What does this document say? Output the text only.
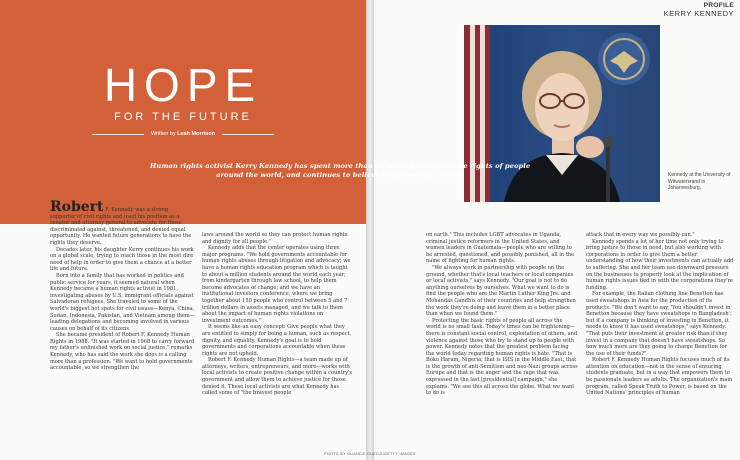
HOPE
FOR THE FUTURE
Written by Leah Morrison

Robert F. Kennedy was a strong supporter of civil rights and used his position as a senator and attorney general to advocate for those discriminated against, threatened, and denied equal opportunity. He wanted future generations to have the rights they deserve.

Decades later, his daughter Kerry continues his work on a global scale, trying to reach those in the most dire need of help in order to give them a chance at a better life and future.

Born into a family that has worked in politics and public service for years, it seemed natural when Kennedy became a human rights activist in 1981, investigating abuses by U.S. immigrant officials against Salvadoran refugees. She traveled to some of the world's biggest hot spots for civil issues—Kenya, China, Sudan, Indonesia, Pakistan, and Vietnam among them—leading delegations and becoming involved in various causes on behalf of its citizens.

She became president of Robert F. Kennedy Human Rights in 1988. "It was started in 1968 to carry forward my father's unfinished work on social justice," remarks Kennedy, who has said the work she does is a calling more than a profession. "We want to hold governments accountable, so we strengthen the

laws around the world so they can protect human rights and dignity for all people."

Kennedy adds that the center operates using three major programs. "We hold governments accountable for human rights abuses through litigation and advocacy; we have a human rights education program which is taught to about a million students around the world each year, from kindergarten through law school, to help them become advocates of change; and we have an institutional investors conference, where we bring together about 150 people who control between 5 and 7 trillion dollars in assets managed, and we talk to them about the impact of human rights violations on investment outcomes."

It seems like an easy concept: Give people what they are entitled to simply for being a human, such as respect, dignity, and equality. Kennedy's goal is to hold governments and corporations accountable when these rights are not upheld.

Robert F. Kennedy Human Rights—a team made up of attorneys, writers, entrepreneurs, and more—works with local activists to create positive change within a country's government and allow them to achieve justice for those denied it. These local activists are what Kennedy has called some of "the bravest people

PROFILE
KERRY KENNEDY
Human rights activist Kerry Kennedy has spent more than 35 years fighting for the rights of people around the world, and continues to believe things will get better.	Kennedy at the University of Witwatersrand in Johannesburg.

on earth." This includes LGBT advocates in Uganda, criminal justice reformers in the United States, and women leaders in Guatemala—people who are willing to be arrested, questioned, and possibly punished, all in the name of fighting for human rights.

"We always work in partnership with people on the ground, whether that's local teachers or local companies or local activists," says Kennedy. "Our goal is not to do anything ourselves by ourselves. What we want to do is find the people who are the Martin Luther King Jrs. and Mohandas Gandhis of their countries and help strengthen the work they're doing and leave them in a better place than when we found them."

Protecting the basic rights of people all across the world is no small task. Today's times can be frightening—there is constant social control, exploitation of others, and violence against those who try to stand up to people with power. Kennedy notes that the greatest problem facing the world today regarding human rights is hate. "That is Boko Haram, Nigeria; that is ISIS in the Middle East; that is the growth of anti-Semitism and neo-Nazi groups across Europe and that is the anger and the rage that was expressed in the last [presidential] campaign," she explains. "We see this all across the globe. What we want to do is

attack that in every way we possibly can."

Kennedy spends a lot of her time not only trying to bring justice to those in need, but also working with corporations in order to give them a better understanding of how their investments can actually add to suffering. She and her team use downward pressure on the businesses to properly look at the implication of human rights issues tied in with the corporations they're funding.

For example, the Italian clothing line Benetton has used sweatshops in Asia for the production of its products. "We don't want to say, 'You shouldn't invest in Benetton because they have sweatshops in Bangladesh'; but if a company is thinking of investing in Benetton, it needs to know it has used sweatshops," says Kennedy. "That puts their investment at greater risk than if they invest in a company that doesn't have sweatshops. So how much more are they going to charge Benetton for the use of their funds?"

Robert F. Kennedy Human Rights focuses much of its attention on education—not in the sense of ensuring students graduate, but in a way that empowers them to be passionate leaders as adults. The organization's main program, called Speak Truth to Power, is based on the United Nations' principles of human

PHOTO BY GUANDJI GUEDJI/GETTY IMAGES
